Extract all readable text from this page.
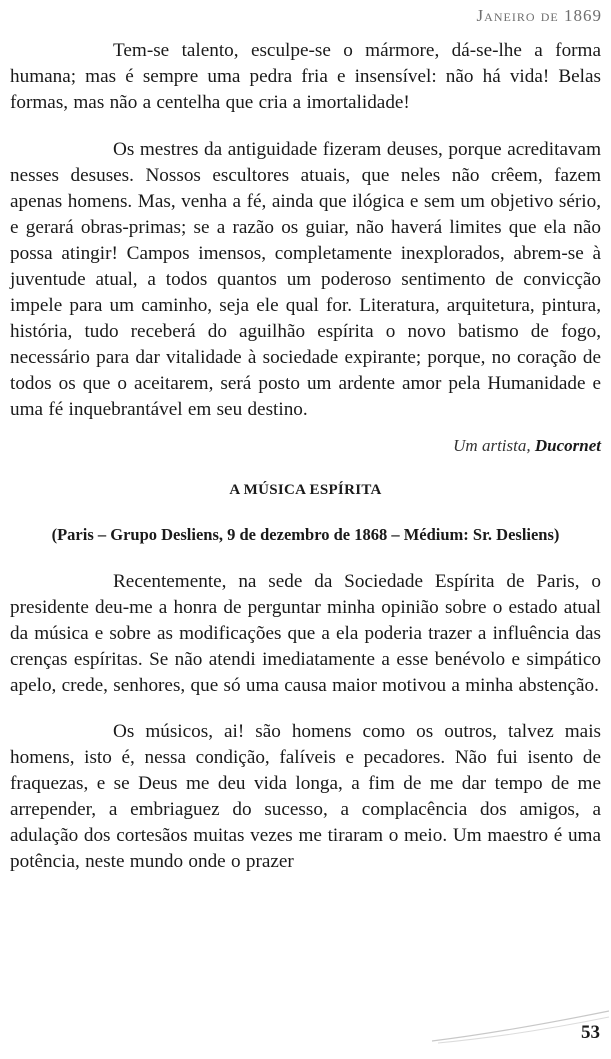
Janeiro de 1869

Tem-se talento, esculpe-se o mármore, dá-se-lhe a forma humana; mas é sempre uma pedra fria e insensível: não há vida! Belas formas, mas não a centelha que cria a imortalidade!

Os mestres da antiguidade fizeram deuses, porque acreditavam nesses desuses. Nossos escultores atuais, que neles não crêem, fazem apenas homens. Mas, venha a fé, ainda que ilógica e sem um objetivo sério, e gerará obras-primas; se a razão os guiar, não haverá limites que ela não possa atingir! Campos imensos, completamente inexplorados, abrem-se à juventude atual, a todos quantos um poderoso sentimento de convicção impele para um caminho, seja ele qual for. Literatura, arquitetura, pintura, história, tudo receberá do aguilhão espírita o novo batismo de fogo, necessário para dar vitalidade à sociedade expirante; porque, no coração de todos os que o aceitarem, será posto um ardente amor pela Humanidade e uma fé inquebrantável em seu destino.

Um artista, Ducornet
A MÚSICA ESPÍRITA
(Paris – Grupo Desliens, 9 de dezembro de 1868 – Médium: Sr. Desliens)

Recentemente, na sede da Sociedade Espírita de Paris, o presidente deu-me a honra de perguntar minha opinião sobre o estado atual da música e sobre as modificações que a ela poderia trazer a influência das crenças espíritas. Se não atendi imediatamente a esse benévolo e simpático apelo, crede, senhores, que só uma causa maior motivou a minha abstenção.

Os músicos, ai! são homens como os outros, talvez mais homens, isto é, nessa condição, falíveis e pecadores. Não fui isento de fraquezas, e se Deus me deu vida longa, a fim de me dar tempo de me arrepender, a embriaguez do sucesso, a complacência dos amigos, a adulação dos cortesãos muitas vezes me tiraram o meio. Um maestro é uma potência, neste mundo onde o prazer

53
